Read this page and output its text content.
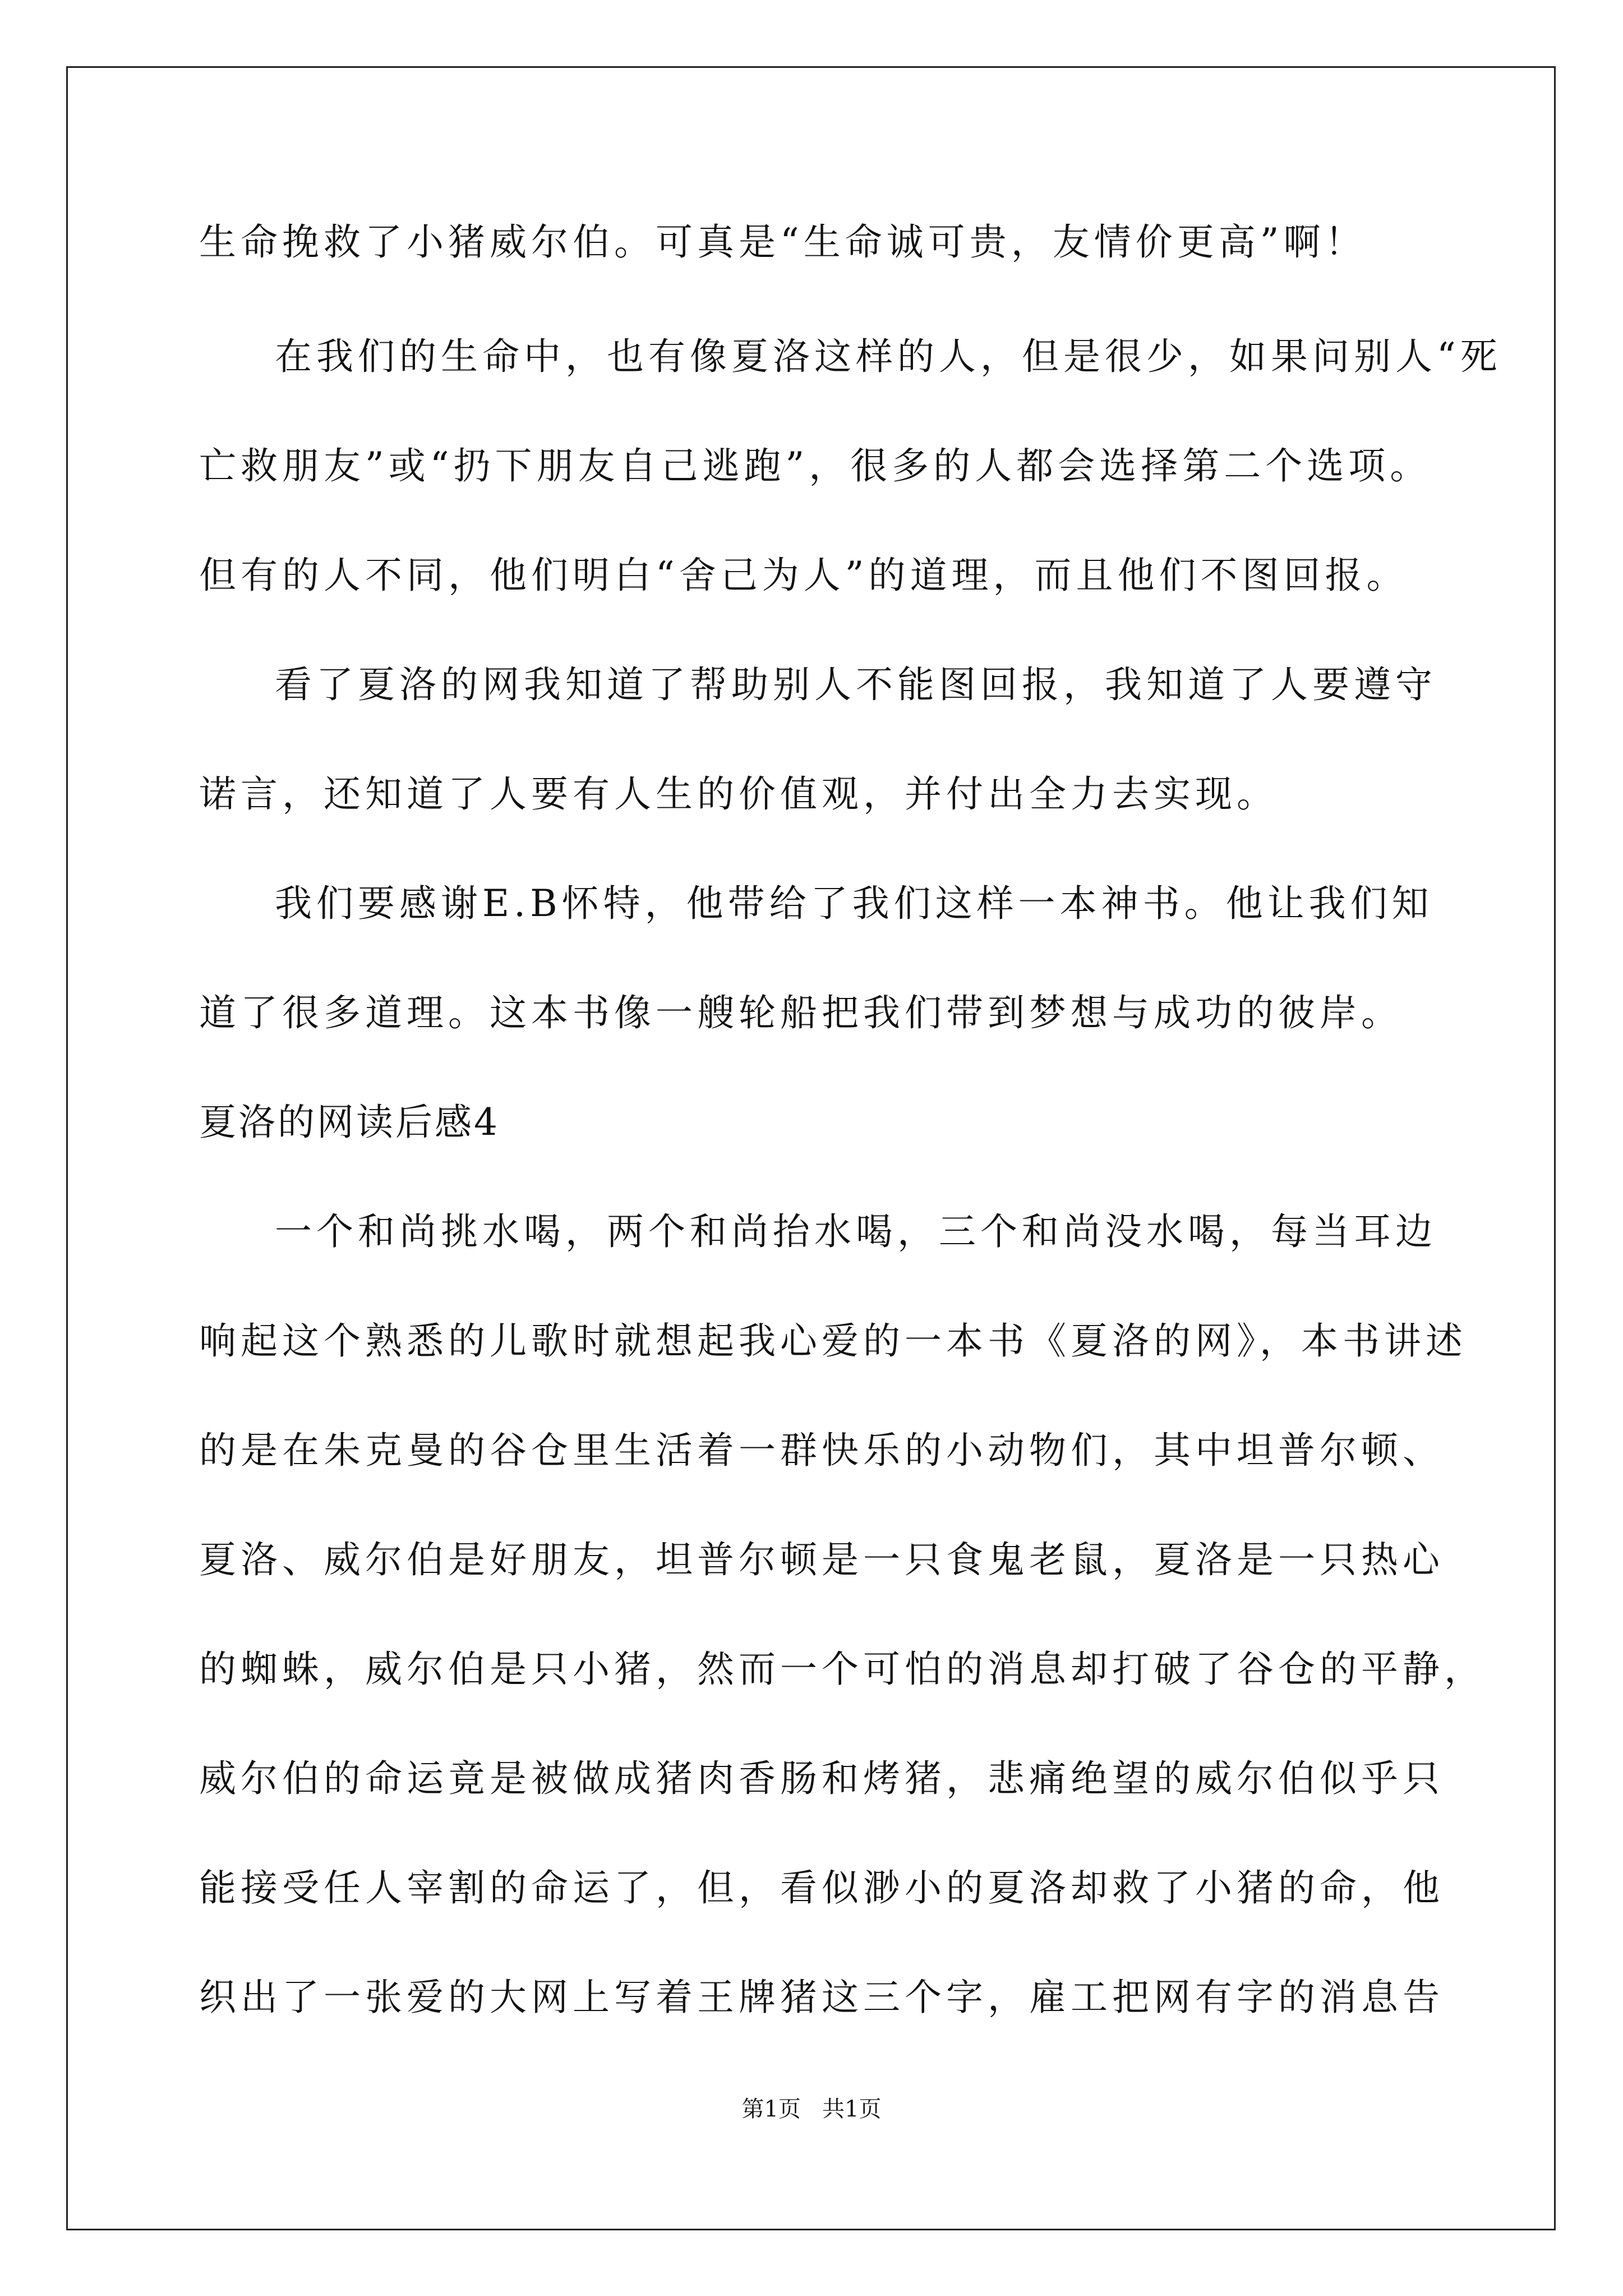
生命挽救了小猪威尔伯。可真是“生命诚可贵，友情价更高”啊！
在我们的生命中，也有像夏洛这样的人，但是很少，如果问别人“死
亡救朋友”或“扔下朋友自己逃跑”，很多的人都会选择第二个选项。
但有的人不同，他们明白“舍己为人”的道理，而且他们不图回报。
看了夏洛的网我知道了帮助别人不能图回报，我知道了人要遵守
诺言，还知道了人要有人生的价值观，并付出全力去实现。
我们要感谢E.B怀特，他带给了我们这样一本神书。他让我们知
道了很多道理。这本书像一艘轮船把我们带到梦想与成功的彼岸。
夏洛的网读后感4
一个和尚挑水喝，两个和尚抬水喝，三个和尚没水喝，每当耳边
响起这个熟悉的儿歌时就想起我心爱的一本书《夏洛的网》，本书讲述
的是在朱克曼的谷仓里生活着一群快乐的小动物们，其中坦普尔顿、
夏洛、威尔伯是好朋友，坦普尔顿是一只食鬼老鼠，夏洛是一只热心
的蜘蛛，威尔伯是只小猪，然而一个可怕的消息却打破了谷仓的平静，
威尔伯的命运竟是被做成猪肉香肠和烤猪，悲痛绝望的威尔伯似乎只
能接受任人宰割的命运了，但，看似渺小的夏洛却救了小猪的命，他
织出了一张爱的大网上写着王牌猪这三个字，雇工把网有字的消息告
第1页   共1页
